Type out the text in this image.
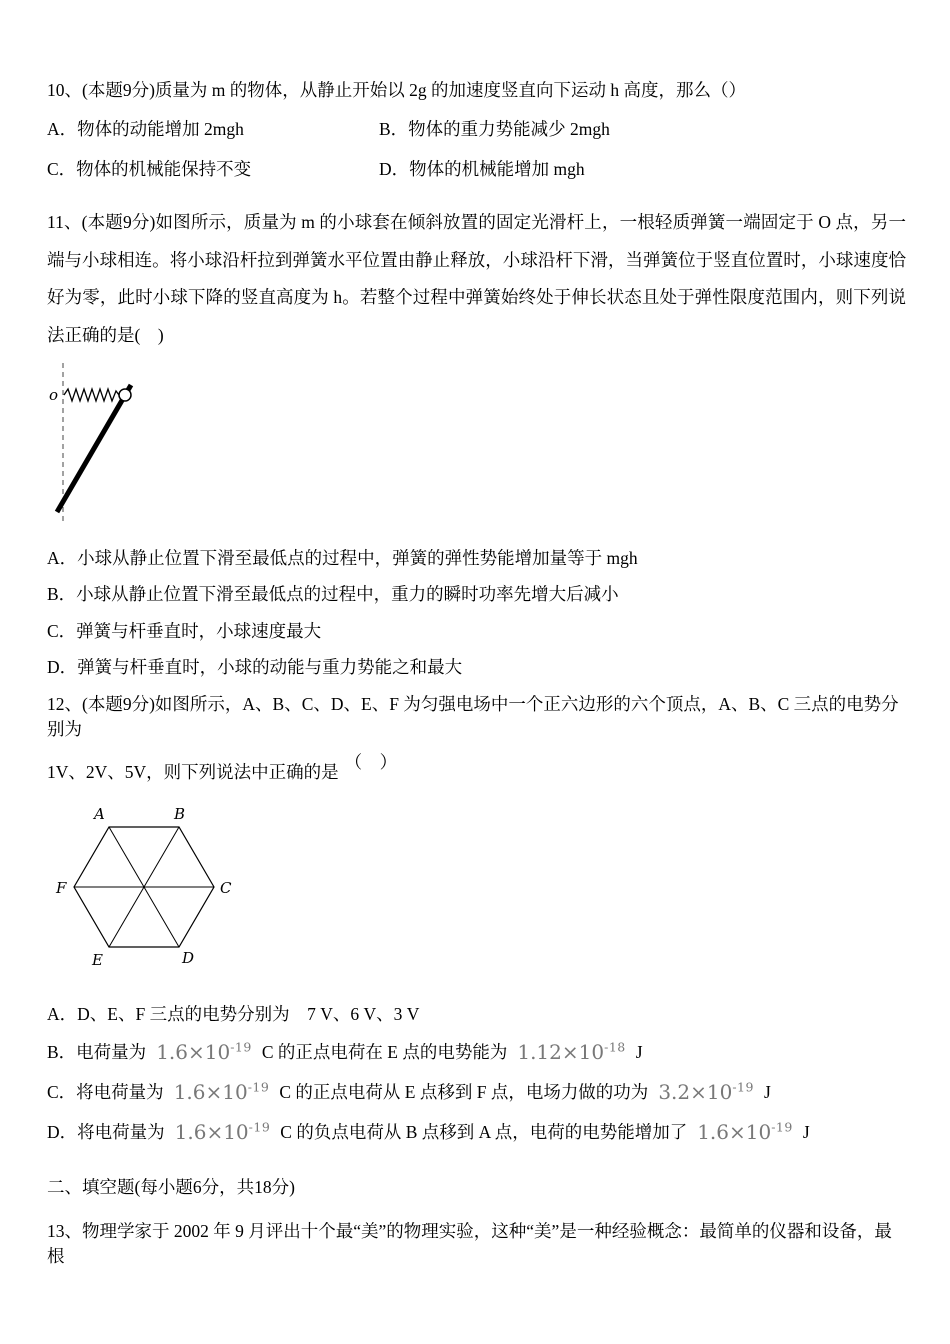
10、(本题9分)质量为 m 的物体，从静止开始以 2g 的加速度竖直向下运动 h 高度，那么（）

A．物体的动能增加 2mgh	B．物体的重力势能减少 2mgh

C．物体的机械能保持不变	D．物体的机械能增加 mgh

11、(本题9分)如图所示，质量为 m 的小球套在倾斜放置的固定光滑杆上，一根轻质弹簧一端固定于 O 点，另一端与小球相连。将小球沿杆拉到弹簧水平位置由静止释放，小球沿杆下滑，当弹簧位于竖直位置时，小球速度恰好为零，此时小球下降的竖直高度为 h。若整个过程中弹簧始终处于伸长状态且处于弹性限度范围内，则下列说法正确的是(　)

o

A．小球从静止位置下滑至最低点的过程中，弹簧的弹性势能增加量等于 mgh

B．小球从静止位置下滑至最低点的过程中，重力的瞬时功率先增大后减小

C．弹簧与杆垂直时，小球速度最大

D．弹簧与杆垂直时，小球的动能与重力势能之和最大

12、(本题9分)如图所示，A、B、C、D、E、F 为匀强电场中一个正六边形的六个顶点，A、B、C 三点的电势分别为

1V、2V、5V，则下列说法中正确的是 （　）

A	B
C
D
E
F

A．D、E、F 三点的电势分别为　7 V、6 V、3 V

B．电荷量为 $1.6\times 10^{-19}$ C 的正点电荷在 E 点的电势能为 $1.12\times 10^{-18}$ J

C．将电荷量为 $1.6\times 10^{-19}$ C 的正点电荷从 E 点移到 F 点，电场力做的功为 $3.2\times 10^{-19}$ J

D．将电荷量为 $1.6\times 10^{-19}$ C 的负点电荷从 B 点移到 A 点，电荷的电势能增加了 $1.6\times 10^{-19}$ J

二、填空题(每小题6分，共18分)

13、物理学家于 2002 年 9 月评出十个最“美”的物理实验，这种“美”是一种经验概念：最简单的仪器和设备，最根
